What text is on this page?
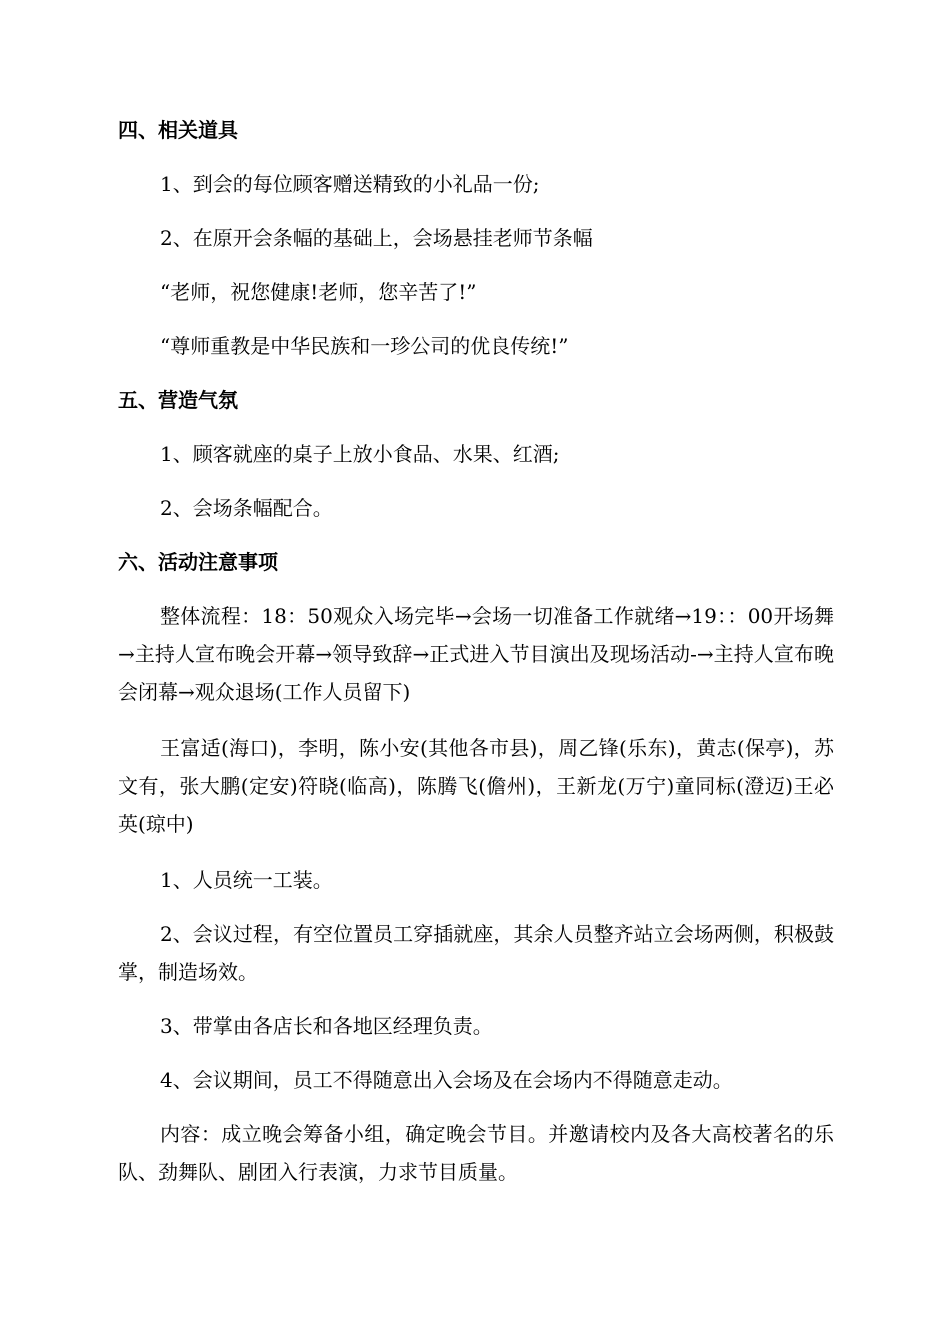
四、相关道具
1、到会的每位顾客赠送精致的小礼品一份;
2、在原开会条幅的基础上，会场悬挂老师节条幅
“老师，祝您健康!老师，您辛苦了!”
“尊师重教是中华民族和一珍公司的优良传统!”
五、营造气氛
1、顾客就座的桌子上放小食品、水果、红酒;
2、会场条幅配合。
六、活动注意事项
整体流程：18：50观众入场完毕→会场一切准备工作就绪→19：：00开场舞→主持人宣布晚会开幕→领导致辞→正式进入节目演出及现场活动-→主持人宣布晚会闭幕→观众退场(工作人员留下)
王富适(海口)，李明，陈小安(其他各市县)，周乙锋(乐东)，黄志(保亭)，苏文有，张大鹏(定安)符晓(临高)，陈腾飞(儋州)，王新龙(万宁)童同标(澄迈)王必英(琼中)
1、人员统一工装。
2、会议过程，有空位置员工穿插就座，其余人员整齐站立会场两侧，积极鼓掌，制造场效。
3、带掌由各店长和各地区经理负责。
4、会议期间，员工不得随意出入会场及在会场内不得随意走动。
内容：成立晚会筹备小组，确定晚会节目。并邀请校内及各大高校著名的乐队、劲舞队、剧团入行表演，力求节目质量。
